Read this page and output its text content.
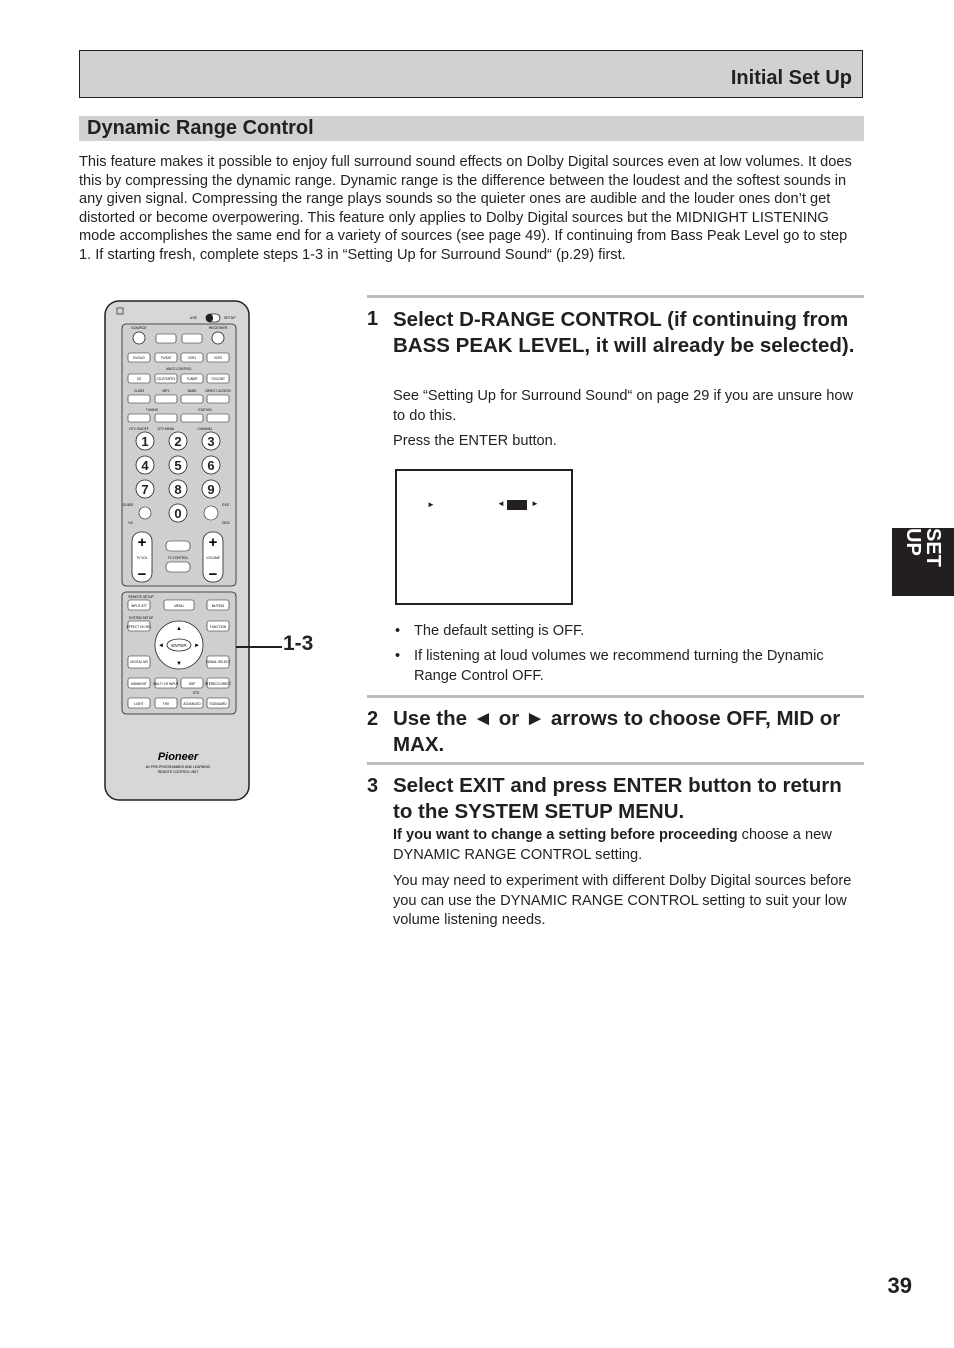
Initial Set Up
Dynamic Range Control

This feature makes it possible to enjoy full surround sound effects on Dolby Digital sources even at low volumes. It does this by compressing the dynamic range. Dynamic range is the difference between the loudest and the softest sounds in any given signal. Compressing the range plays sounds so the quieter ones are audible and the louder ones don’t get distorted or become overpowering. This feature only applies to Dolby Digital sources but the MIDNIGHT LISTENING mode accomplishes the same end for a variety of sources (see page 49). If continuing from Bass Peak Level go to step 1. If starting fresh, complete steps 1-3 in “Setting Up for Surround Sound“ (p.29) first.

USE	SETUP
SOURCE	RECEIVER
DVD/LD	TV/SAT	VCR1	VCR2
MULTI CONTROL
CD	CD-R/TAPE1	TUNER	TV/CONT
CLASS	MPX	BAND	DIRECT ACCESS
TUNING	STATION
DTV ON/OFF	DTV MENU	CHANNEL
1 2 3
4 5 6
7 8 9
0
GUIDE	EXIT
+10	DISC
+
−
+
−
TV VOL	TV CONTROL	VOLUME
REMOTE SETUP
INPUT ATT	MENU	MUTING
SYSTEM SETUP
EFFECT CH SEL	FUNCTION
ENTER
▲
▼
◄	►
DIGITAL NR	SIGNAL SELECT
MIDNIGHT MULTI CH INPUT	DSP	STEREO/ DIRECT
DTS
LIGHT	THX	ADVANCED	STANDARD
Pioneer
AV PRE-PROGRAMMED AND LEARNING
REMOTE CONTROL UNIT
1-3
1 Select D-RANGE CONTROL (if continuing from BASS PEAK LEVEL, it will already be selected).

See “Setting Up for Surround Sound“ on page 29 if you are unsure how to do this.

Press the ENTER button.

►	◄	►
• The default setting is OFF.
• If listening at loud volumes we recommend turning the Dynamic Range Control OFF.
2 Use the ◄ or ► arrows to choose OFF, MID or MAX.

3 Select EXIT and press ENTER button to return to the SYSTEM SETUP MENU.

If you want to change a setting before proceeding choose a new DYNAMIC RANGE CONTROL setting.

You may need to experiment with different Dolby Digital sources before you can use the DYNAMIC RANGE CONTROL setting to suit your low volume listening needs.

SET UP
39
